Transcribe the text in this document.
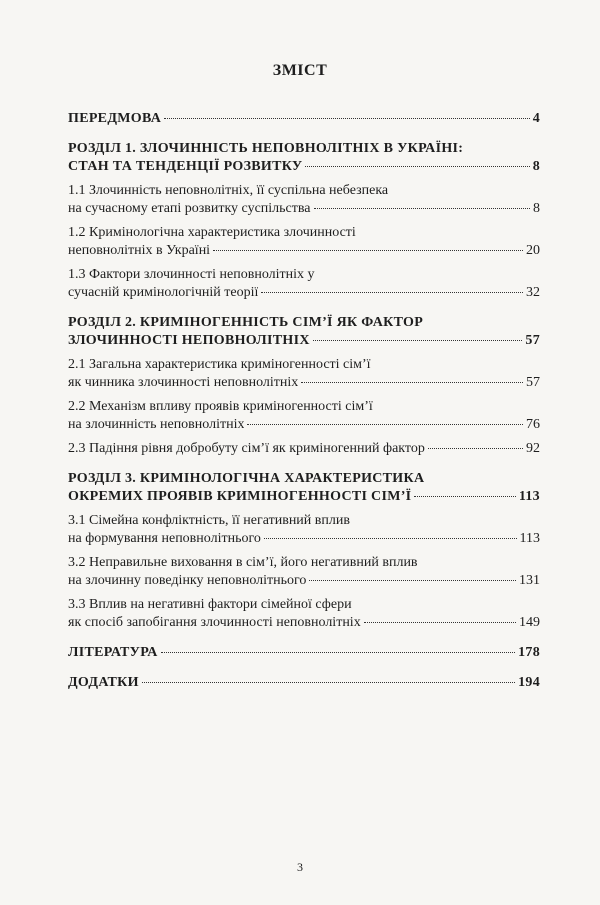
ЗМІСТ
ПЕРЕДМОВА	4
РОЗДІЛ 1. ЗЛОЧИННІСТЬ НЕПОВНОЛІТНІХ В УКРАЇНІ:
СТАН ТА ТЕНДЕНЦІЇ РОЗВИТКУ	8
1.1 Злочинність неповнолітніх, її суспільна небезпека
на сучасному етапі розвитку суспільства	8
1.2 Кримінологічна характеристика злочинності
неповнолітніх в Україні	20
1.3 Фактори злочинності неповнолітніх у
сучасній кримінологічній теорії	32
РОЗДІЛ 2. КРИМІНОГЕННІСТЬ СІМ’Ї ЯК ФАКТОР
ЗЛОЧИННОСТІ НЕПОВНОЛІТНІХ	57
2.1 Загальна характеристика криміногенності сім’ї
як чинника злочинності неповнолітніх	57
2.2 Механізм впливу проявів криміногенності сім’ї
на злочинність неповнолітніх	76
2.3 Падіння рівня добробуту сім’ї як криміногенний фактор	92
РОЗДІЛ 3. КРИМІНОЛОГІЧНА ХАРАКТЕРИСТИКА
ОКРЕМИХ ПРОЯВІВ КРИМІНОГЕННОСТІ СІМ’Ї	113
3.1 Сімейна конфліктність, її негативний вплив
на формування неповнолітнього	113
3.2 Неправильне виховання в сім’ї, його негативний вплив
на злочинну поведінку неповнолітнього	131
3.3 Вплив на негативні фактори сімейної сфери
як спосіб запобігання злочинності неповнолітніх	149
ЛІТЕРАТУРА	178
ДОДАТКИ	194
3
